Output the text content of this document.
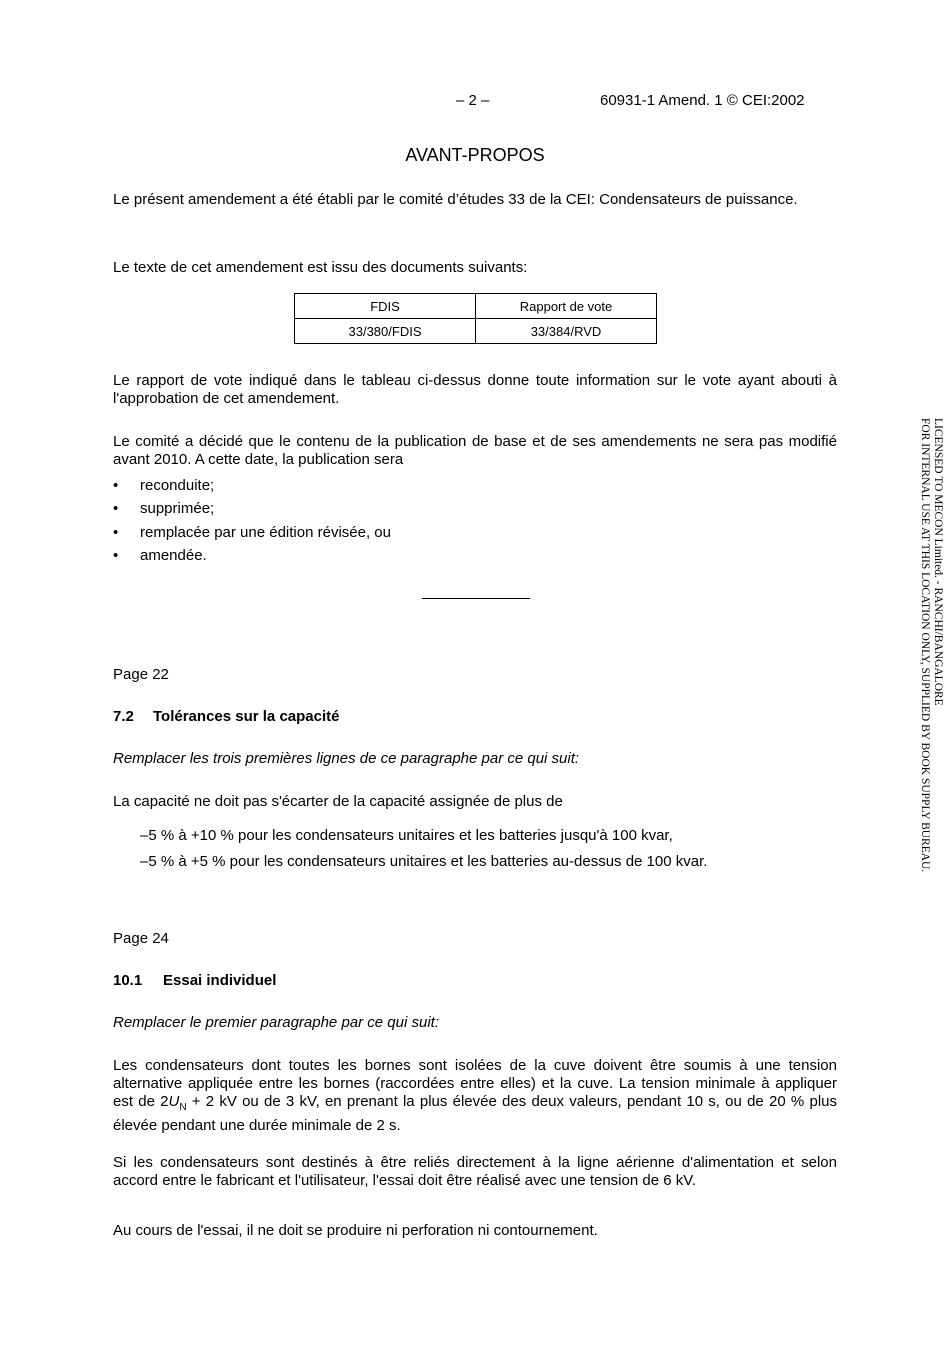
– 2 –	60931-1 Amend. 1 © CEI:2002
AVANT-PROPOS
Le présent amendement a été établi par le comité d’études 33 de la CEI: Condensateurs de puissance.
Le texte de cet amendement est issu des documents suivants:
FDIS	Rapport de vote
33/380/FDIS	33/384/RVD
Le rapport de vote indiqué dans le tableau ci-dessus donne toute information sur le vote ayant abouti à l'approbation de cet amendement.
Le comité a décidé que le contenu de la publication de base et de ses amendements ne sera pas modifié avant 2010. A cette date, la publication sera
• reconduite;
• supprimée;
• remplacée par une édition révisée, ou
• amendée.
Page 22
7.2 Tolérances sur la capacité
Remplacer les trois premières lignes de ce paragraphe par ce qui suit:
La capacité ne doit pas s'écarter de la capacité assignée de plus de
–5 % à +10 % pour les condensateurs unitaires et les batteries jusqu'à 100 kvar,
–5 % à +5 % pour les condensateurs unitaires et les batteries au-dessus de 100 kvar.
Page 24
10.1 Essai individuel
Remplacer le premier paragraphe par ce qui suit:
Les condensateurs dont toutes les bornes sont isolées de la cuve doivent être soumis à une tension alternative appliquée entre les bornes (raccordées entre elles) et la cuve. La tension minimale à appliquer est de $2U_N + 2$ kV ou de 3 kV, en prenant la plus élevée des deux valeurs, pendant 10 s, ou de 20 % plus élevée pendant une durée minimale de 2 s.
Si les condensateurs sont destinés à être reliés directement à la ligne aérienne d'alimentation et selon accord entre le fabricant et l'utilisateur, l'essai doit être réalisé avec une tension de 6 kV.
Au cours de l'essai, il ne doit se produire ni perforation ni contournement.
LICENSED TO MECON Limited. - RANCHI/BANGALORE
FOR INTERNAL USE AT THIS LOCATION ONLY, SUPPLIED BY BOOK SUPPLY BUREAU.
